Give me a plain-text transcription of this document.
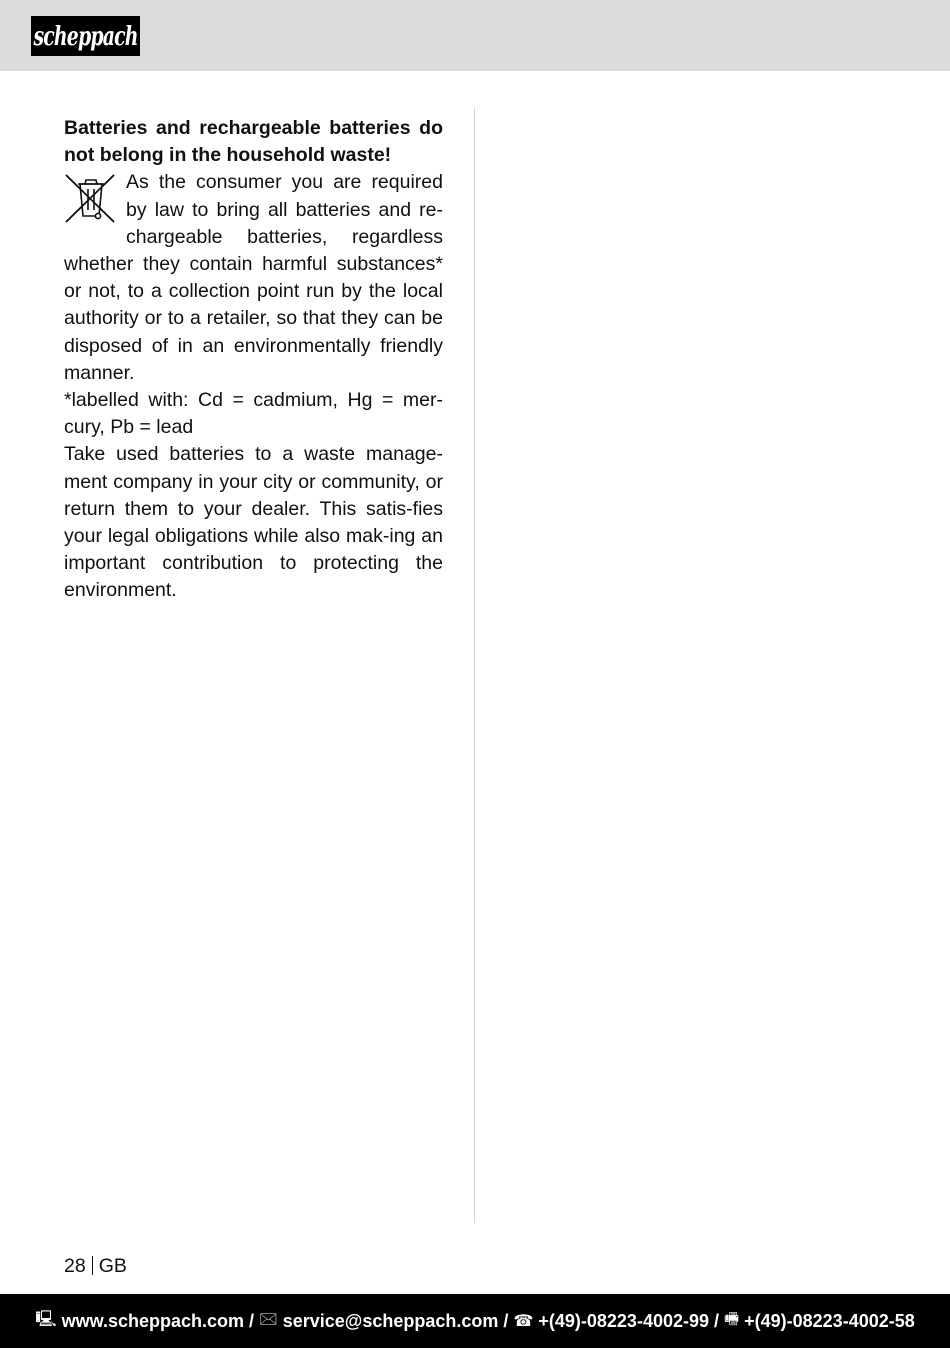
scheppach

Batteries and rechargeable batteries do not belong in the household waste!

As the consumer you are required
by law to bring all batteries and re-
chargeable batteries, regardless

whether they contain harmful substances* or not, to a collection point run by the local authority or to a retailer, so that they can be disposed of in an environmentally friendly manner.

*labelled with: Cd = cadmium, Hg = mer-cury, Pb = lead

Take used batteries to a waste manage-ment company in your city or community, or return them to your dealer. This satis-fies your legal obligations while also mak-ing an important contribution to protecting the environment.

28 GB
🖳 www.scheppach.com / 🖂 service@scheppach.com / ☎ +(49)-08223-4002-99 / 🖷 +(49)-08223-4002-58
